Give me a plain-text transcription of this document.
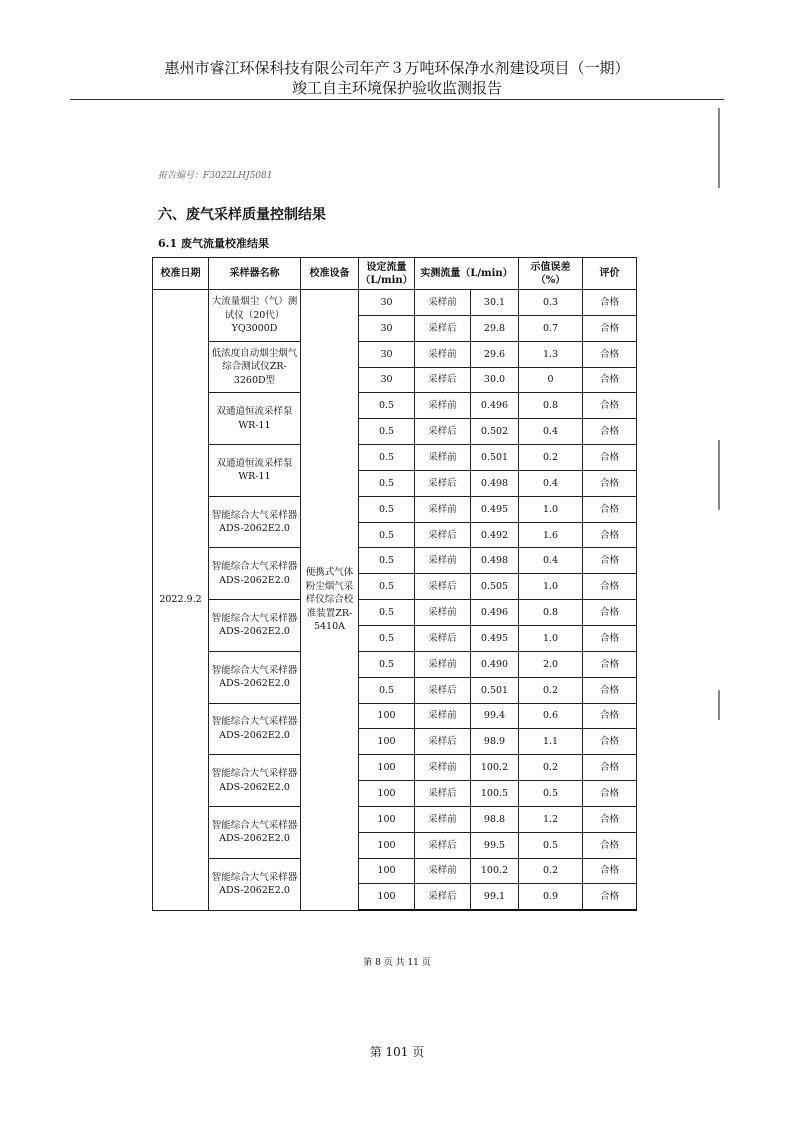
惠州市睿江环保科技有限公司年产３万吨环保净水剂建设项目（一期）
竣工自主环境保护验收监测报告
报告编号：F3022LHJ5081
六、废气采样质量控制结果
6.1 废气流量校准结果
校准日期	采样器名称	校准设备	设定流量（L/min）	实测流量（L/min）		示值误差（%）	评价
2022.9.2	大流量烟尘（气）测试仪（20代）YQ3000D	便携式气体粉尘烟气采样仪综合校准装置ZR-5410A	30	采样前	30.1	0.3	合格
			30	采样后	29.8	0.7	合格
	低浓度自动烟尘烟气综合测试仪ZR-3260D型		30	采样前	29.6	1.3	合格
			30	采样后	30.0	0	合格
	双通道恒流采样泵 WR-11		0.5	采样前	0.496	0.8	合格
			0.5	采样后	0.502	0.4	合格
	双通道恒流采样泵 WR-11		0.5	采样前	0.501	0.2	合格
			0.5	采样后	0.498	0.4	合格
	智能综合大气采样器 ADS-2062E2.0		0.5	采样前	0.495	1.0	合格
			0.5	采样后	0.492	1.6	合格
	智能综合大气采样器 ADS-2062E2.0		0.5	采样前	0.498	0.4	合格
			0.5	采样后	0.505	1.0	合格
	智能综合大气采样器 ADS-2062E2.0		0.5	采样前	0.496	0.8	合格
			0.5	采样后	0.495	1.0	合格
	智能综合大气采样器 ADS-2062E2.0		0.5	采样前	0.490	2.0	合格
			0.5	采样后	0.501	0.2	合格
	智能综合大气采样器 ADS-2062E2.0		100	采样前	99.4	0.6	合格
			100	采样后	98.9	1.1	合格
	智能综合大气采样器 ADS-2062E2.0		100	采样前	100.2	0.2	合格
			100	采样后	100.5	0.5	合格
	智能综合大气采样器 ADS-2062E2.0		100	采样前	98.8	1.2	合格
			100	采样后	99.5	0.5	合格
	智能综合大气采样器 ADS-2062E2.0		100	采样前	100.2	0.2	合格
			100	采样后	99.1	0.9	合格
第 8 页 共 11 页
第 101 页
